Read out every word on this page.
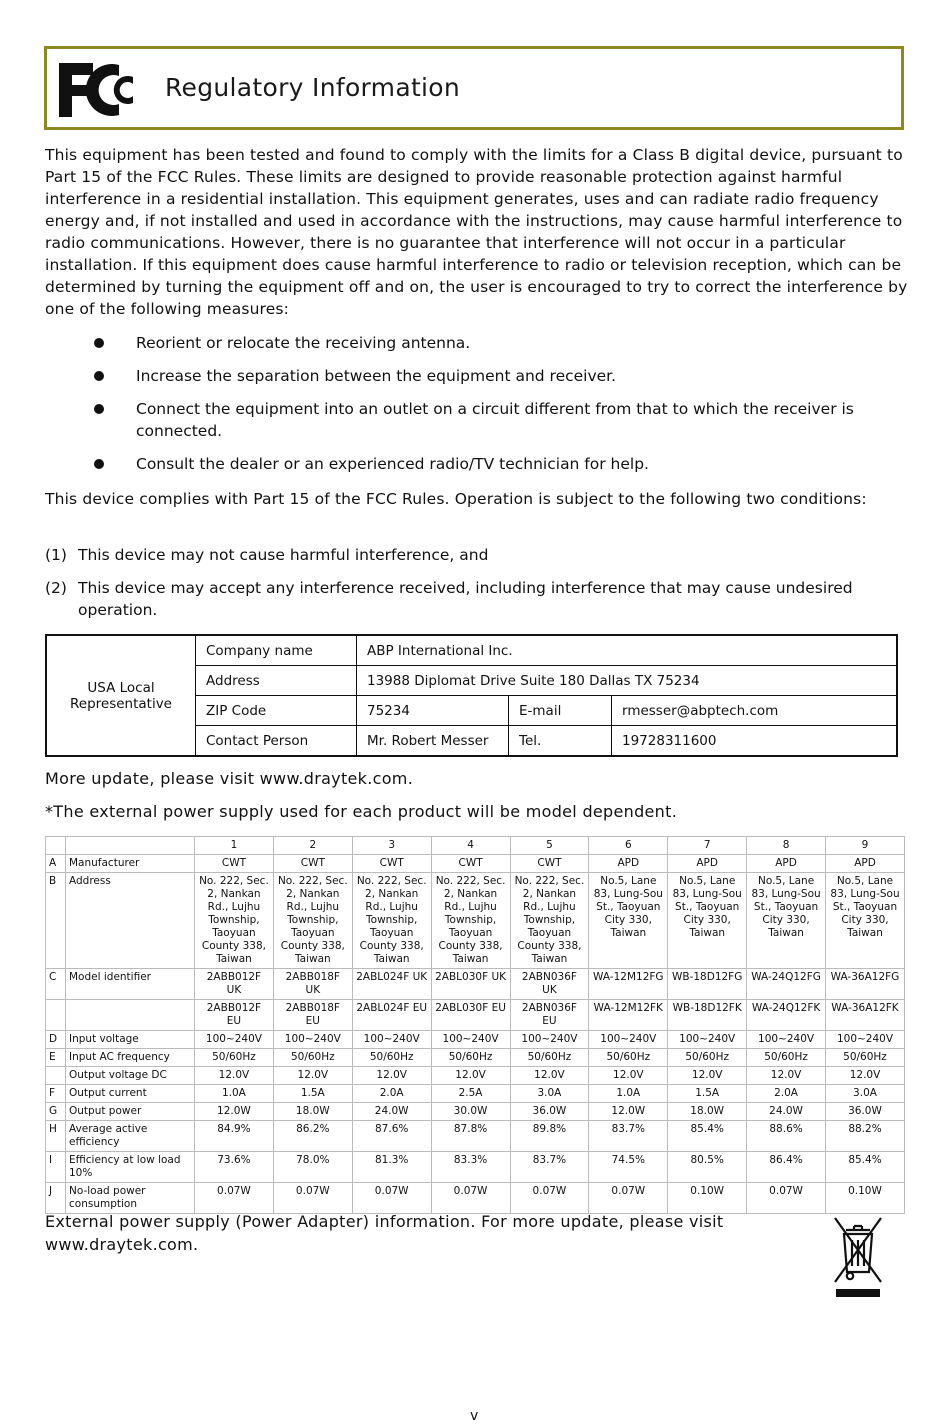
Regulatory Information
This equipment has been tested and found to comply with the limits for a Class B digital device, pursuant to Part 15 of the FCC Rules. These limits are designed to provide reasonable protection against harmful interference in a residential installation. This equipment generates, uses and can radiate radio frequency energy and, if not installed and used in accordance with the instructions, may cause harmful interference to radio communications. However, there is no guarantee that interference will not occur in a particular installation. If this equipment does cause harmful interference to radio or television reception, which can be determined by turning the equipment off and on, the user is encouraged to try to correct the interference by one of the following measures:
Reorient or relocate the receiving antenna.
Increase the separation between the equipment and receiver.
Connect the equipment into an outlet on a circuit different from that to which the receiver is connected.
Consult the dealer or an experienced radio/TV technician for help.
This device complies with Part 15 of the FCC Rules. Operation is subject to the following two conditions:
(1) This device may not cause harmful interference, and
(2) This device may accept any interference received, including interference that may cause undesired operation.
USA Local Representative	Company name	ABP International Inc.		
	Address	13988 Diplomat Drive Suite 180 Dallas TX 75234		
	ZIP Code	75234	E-mail	rmesser@abptech.com
	Contact Person	Mr. Robert Messer	Tel.	19728311600
More update, please visit www.draytek.com.
*The external power supply used for each product will be model dependent.
		1	2	3	4	5	6	7	8	9
A	Manufacturer	CWT	CWT	CWT	CWT	CWT	APD	APD	APD	APD
B	Address	No. 222, Sec. 2, Nankan Rd., Lujhu Township, Taoyuan County 338, Taiwan	No. 222, Sec. 2, Nankan Rd., Lujhu Township, Taoyuan County 338, Taiwan	No. 222, Sec. 2, Nankan Rd., Lujhu Township, Taoyuan County 338, Taiwan	No. 222, Sec. 2, Nankan Rd., Lujhu Township, Taoyuan County 338, Taiwan	No. 222, Sec. 2, Nankan Rd., Lujhu Township, Taoyuan County 338, Taiwan	No.5, Lane 83, Lung-Sou St., Taoyuan City 330, Taiwan	No.5, Lane 83, Lung-Sou St., Taoyuan City 330, Taiwan	No.5, Lane 83, Lung-Sou St., Taoyuan City 330, Taiwan	No.5, Lane 83, Lung-Sou St., Taoyuan City 330, Taiwan
C	Model identifier	2ABB012F UK	2ABB018F UK	2ABL024F UK	2ABL030F UK	2ABN036F UK	WA-12M12FG	WB-18D12FG	WA-24Q12FG	WA-36A12FG
		2ABB012F EU	2ABB018F EU	2ABL024F EU	2ABL030F EU	2ABN036F EU	WA-12M12FK	WB-18D12FK	WA-24Q12FK	WA-36A12FK
D	Input voltage	100~240V	100~240V	100~240V	100~240V	100~240V	100~240V	100~240V	100~240V	100~240V
E	Input AC frequency	50/60Hz	50/60Hz	50/60Hz	50/60Hz	50/60Hz	50/60Hz	50/60Hz	50/60Hz	50/60Hz
	Output voltage DC	12.0V	12.0V	12.0V	12.0V	12.0V	12.0V	12.0V	12.0V	12.0V
F	Output current	1.0A	1.5A	2.0A	2.5A	3.0A	1.0A	1.5A	2.0A	3.0A
G	Output power	12.0W	18.0W	24.0W	30.0W	36.0W	12.0W	18.0W	24.0W	36.0W
H	Average active efficiency	84.9%	86.2%	87.6%	87.8%	89.8%	83.7%	85.4%	88.6%	88.2%
I	Efficiency at low load 10%	73.6%	78.0%	81.3%	83.3%	83.7%	74.5%	80.5%	86.4%	85.4%
J	No-load power consumption	0.07W	0.07W	0.07W	0.07W	0.07W	0.07W	0.10W	0.07W	0.10W
External power supply (Power Adapter) information. For more update, please visit www.draytek.com.
v
